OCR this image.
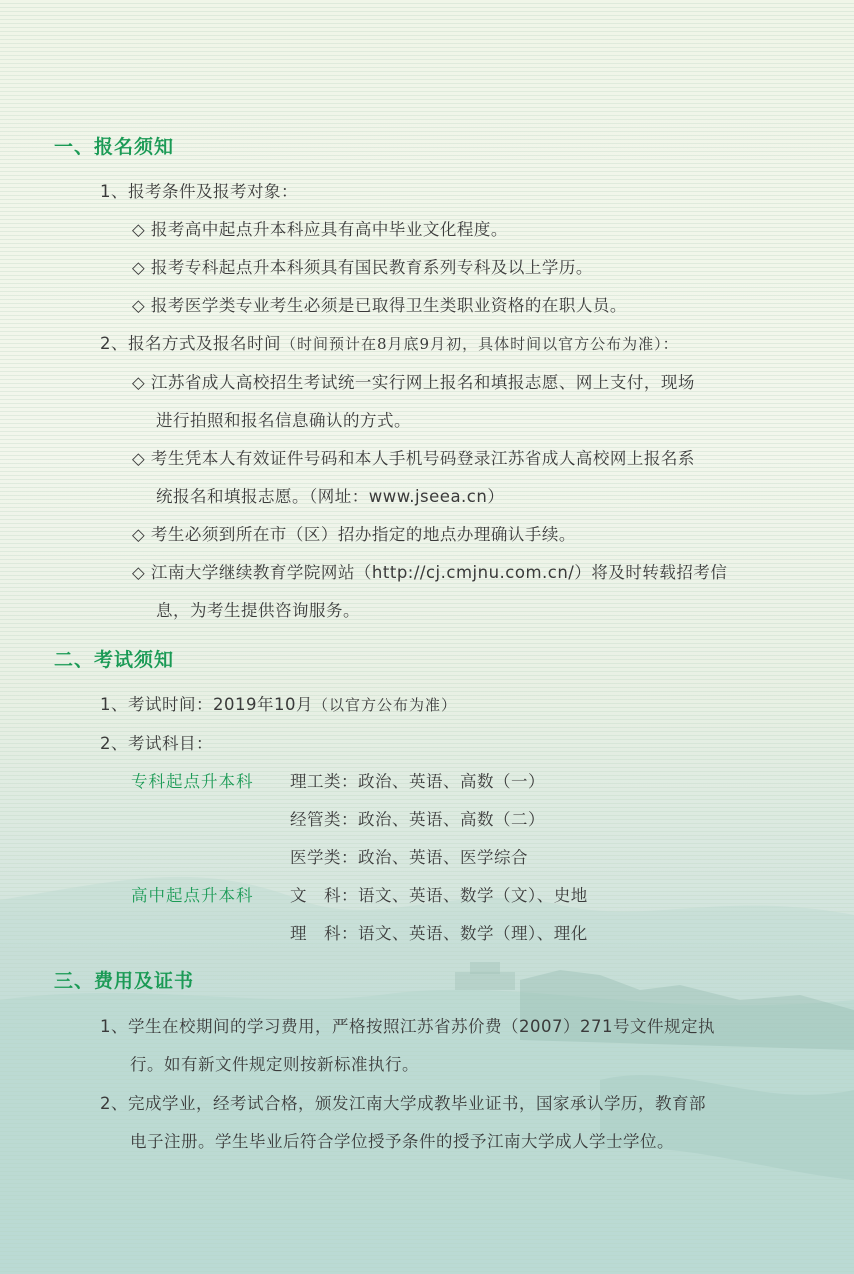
一、报名须知
1、报考条件及报考对象：
◇ 报考高中起点升本科应具有高中毕业文化程度。
◇ 报考专科起点升本科须具有国民教育系列专科及以上学历。
◇ 报考医学类专业考生必须是已取得卫生类职业资格的在职人员。
2、报名方式及报名时间（时间预计在8月底9月初，具体时间以官方公布为准）：
◇ 江苏省成人高校招生考试统一实行网上报名和填报志愿、网上支付，现场
进行拍照和报名信息确认的方式。
◇ 考生凭本人有效证件号码和本人手机号码登录江苏省成人高校网上报名系
统报名和填报志愿。（网址：www.jseea.cn）
◇ 考生必须到所在市（区）招办指定的地点办理确认手续。
◇ 江南大学继续教育学院网站（http://cj.cmjnu.com.cn/）将及时转载招考信
息，为考生提供咨询服务。
二、考试须知
1、考试时间：2019年10月（以官方公布为准）
2、考试科目：
专科起点升本科 理工类：政治、英语、高数（一）
经管类：政治、英语、高数（二）
医学类：政治、英语、医学综合
高中起点升本科 文　科：语文、英语、数学（文）、史地
理　科：语文、英语、数学（理）、理化
三、费用及证书
1、学生在校期间的学习费用，严格按照江苏省苏价费（2007）271号文件规定执
行。如有新文件规定则按新标准执行。
2、完成学业，经考试合格，颁发江南大学成教毕业证书，国家承认学历，教育部
电子注册。学生毕业后符合学位授予条件的授予江南大学成人学士学位。
